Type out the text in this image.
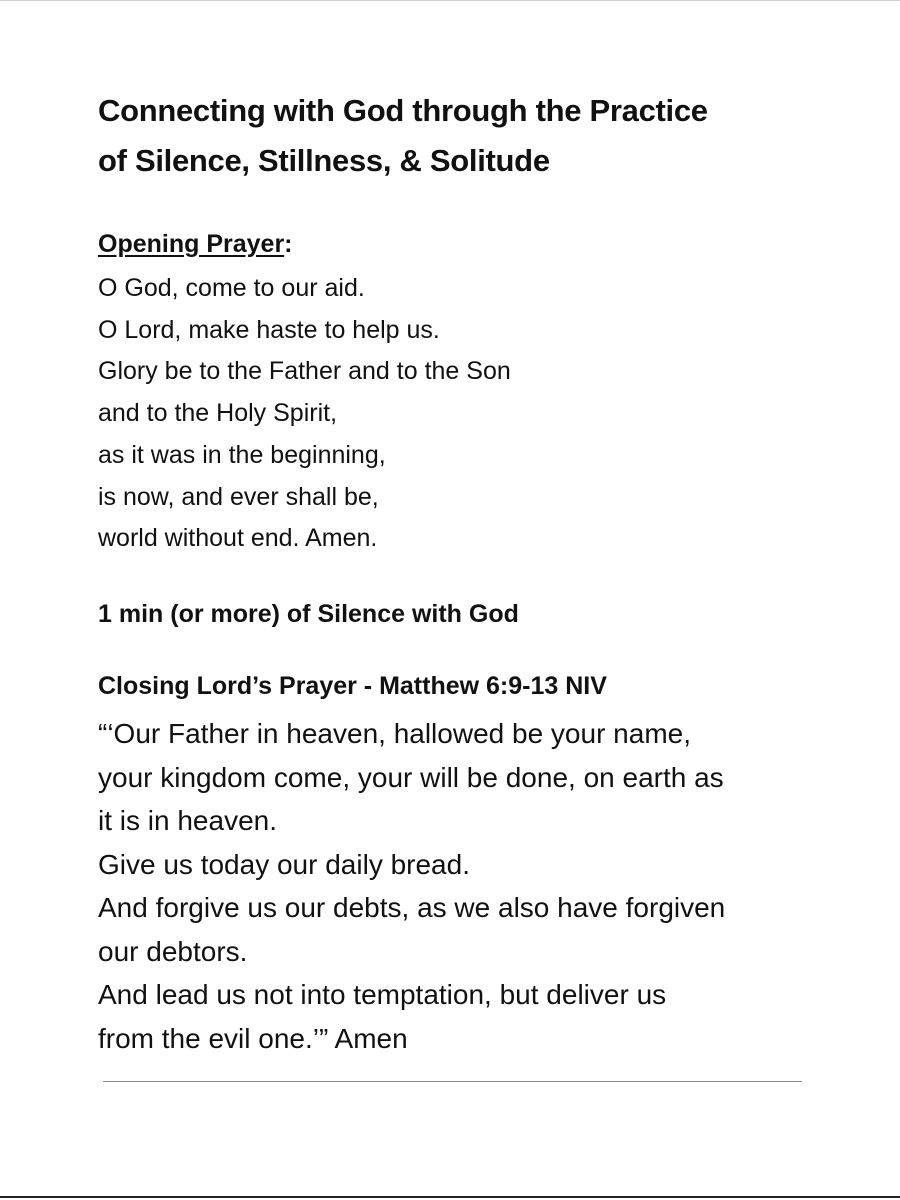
Connecting with God through the Practice
of Silence, Stillness, & Solitude
Opening Prayer:
O God, come to our aid.
O Lord, make haste to help us.
Glory be to the Father and to the Son
and to the Holy Spirit,
as it was in the beginning,
is now, and ever shall be,
world without end. Amen.
1 min (or more) of Silence with God
Closing Lord’s Prayer - Matthew 6:9-13 NIV
“‘Our Father in heaven, hallowed be your name,
your kingdom come, your will be done, on earth as
it is in heaven.
Give us today our daily bread.
And forgive us our debts, as we also have forgiven
our debtors.
And lead us not into temptation, but deliver us
from the evil one.’” Amen
